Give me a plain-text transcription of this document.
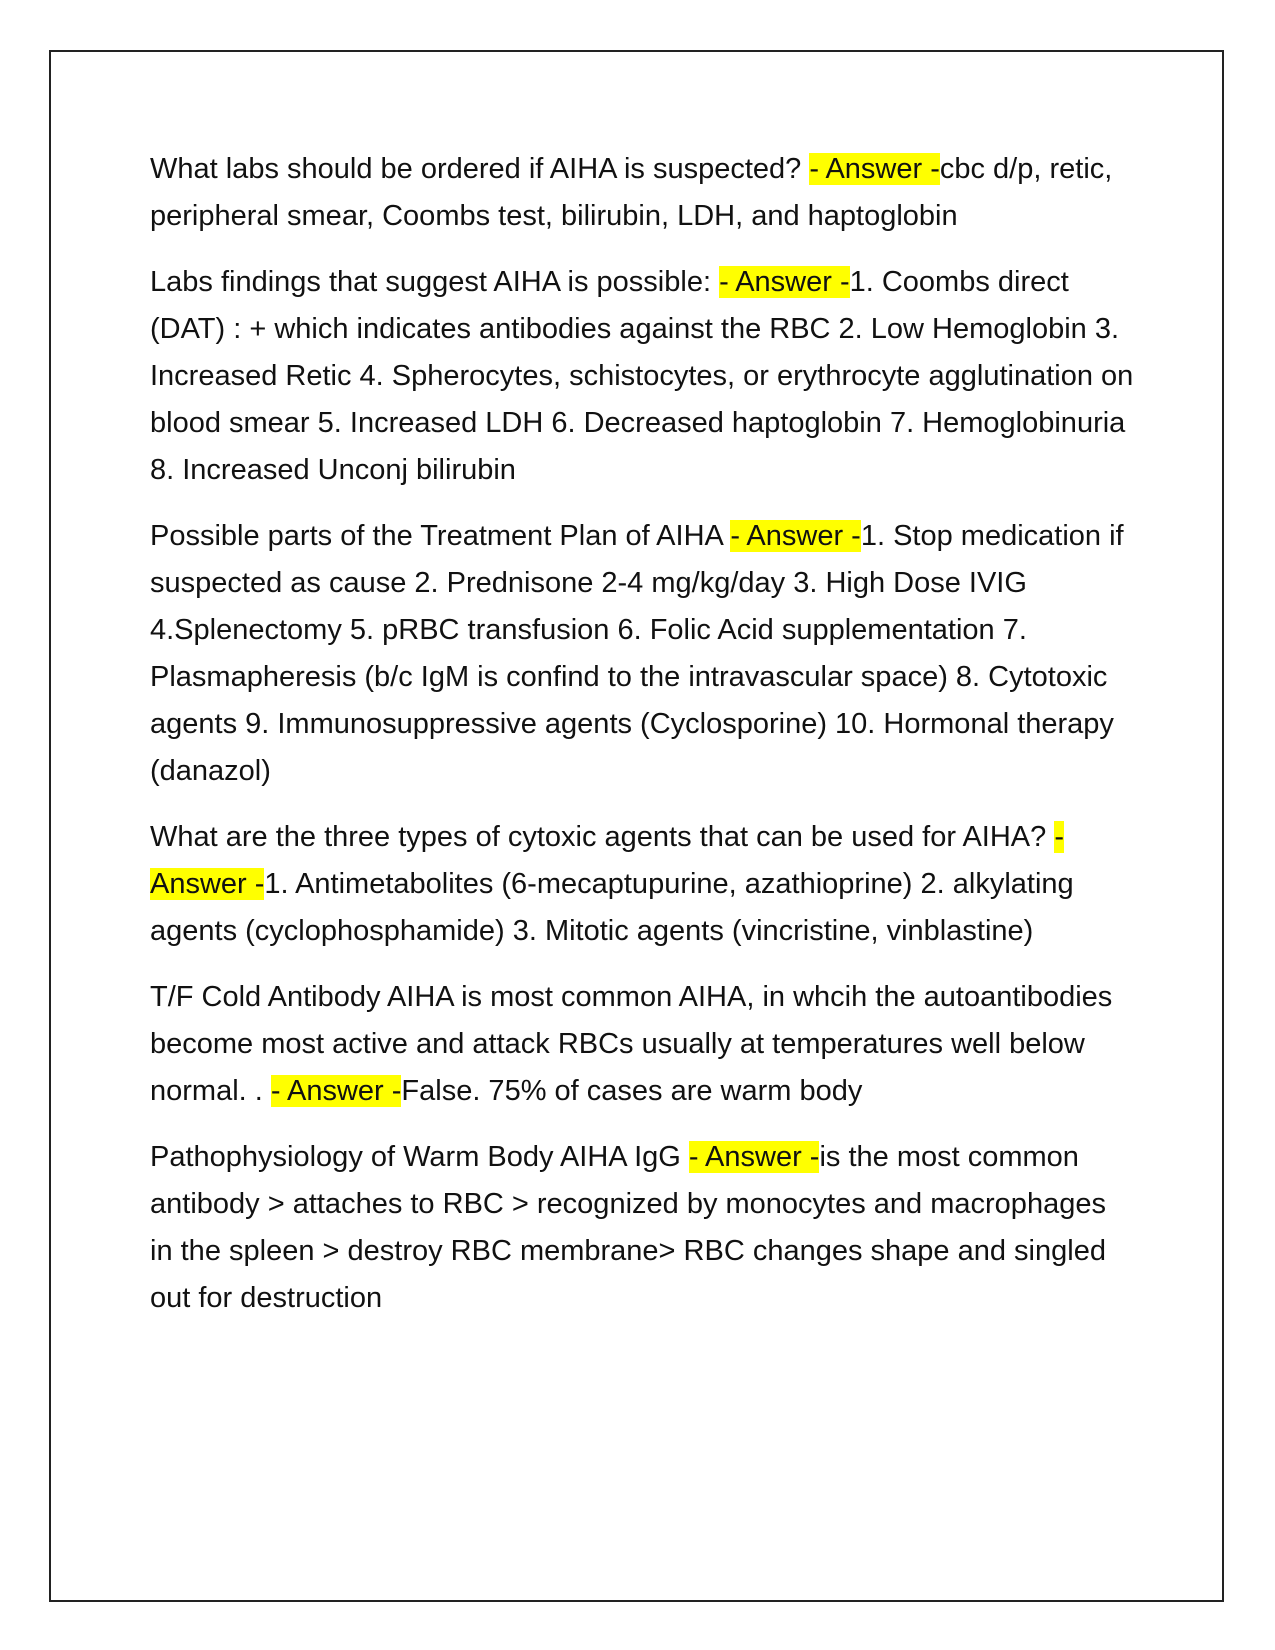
What labs should be ordered if AIHA is suspected? - Answer -cbc d/p, retic, peripheral smear, Coombs test, bilirubin, LDH, and haptoglobin

Labs findings that suggest AIHA is possible: - Answer -1. Coombs direct (DAT) : + which indicates antibodies against the RBC 2. Low Hemoglobin 3. Increased Retic 4. Spherocytes, schistocytes, or erythrocyte agglutination on blood smear 5. Increased LDH 6. Decreased haptoglobin 7. Hemoglobinuria 8. Increased Unconj bilirubin

Possible parts of the Treatment Plan of AIHA - Answer -1. Stop medication if suspected as cause 2. Prednisone 2-4 mg/kg/day 3. High Dose IVIG 4.Splenectomy 5. pRBC transfusion 6. Folic Acid supplementation 7. Plasmapheresis (b/c IgM is confind to the intravascular space) 8. Cytotoxic agents 9. Immunosuppressive agents (Cyclosporine) 10. Hormonal therapy (danazol)

What are the three types of cytoxic agents that can be used for AIHA? - Answer -1. Antimetabolites (6-mecaptupurine, azathioprine) 2. alkylating agents (cyclophosphamide) 3. Mitotic agents (vincristine, vinblastine)

T/F Cold Antibody AIHA is most common AIHA, in whcih the autoantibodies become most active and attack RBCs usually at temperatures well below normal. . - Answer -False. 75% of cases are warm body

Pathophysiology of Warm Body AIHA IgG - Answer -is the most common antibody > attaches to RBC > recognized by monocytes and macrophages in the spleen > destroy RBC membrane> RBC changes shape and singled out for destruction
